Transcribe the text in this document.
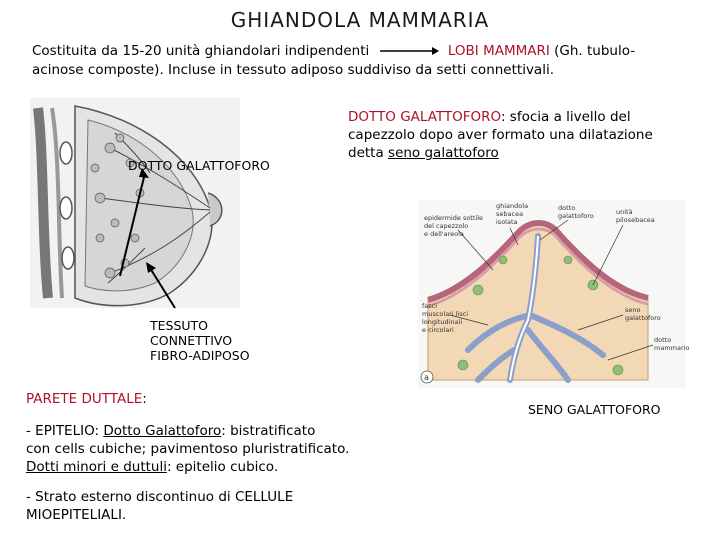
GHIANDOLA MAMMARIA
Costituita da 15-20 unità ghiandolari indipendenti	LOBI MAMMARI (Gh. tubulo-
acinose composte). Incluse in tessuto adiposo suddiviso da setti connettivali.
DOTTO GALATTOFORO
TESSUTO
CONNETTIVO
FIBRO-ADIPOSO
DOTTO GALATTOFORO: sfocia a livello del
capezzolo dopo aver formato una dilatazione
detta seno galattoforo
epidermide sottile
del capezzolo
e dell'areola
ghiandola
sebacea
isolata
dotto
galattoforo	unità
pilosebacea
fasci
muscolari lisci
longitudinali
e circolari
seno
galattoforo
dotto
mammario
a
SENO GALATTOFORO
PARETE DUTTALE:
- EPITELIO: Dotto Galattoforo: bistratificato
con cells cubiche; pavimentoso pluristratificato.
Dotti minori e duttuli: epitelio cubico.
- Strato esterno discontinuo di CELLULE
MIOEPITELIALI.
